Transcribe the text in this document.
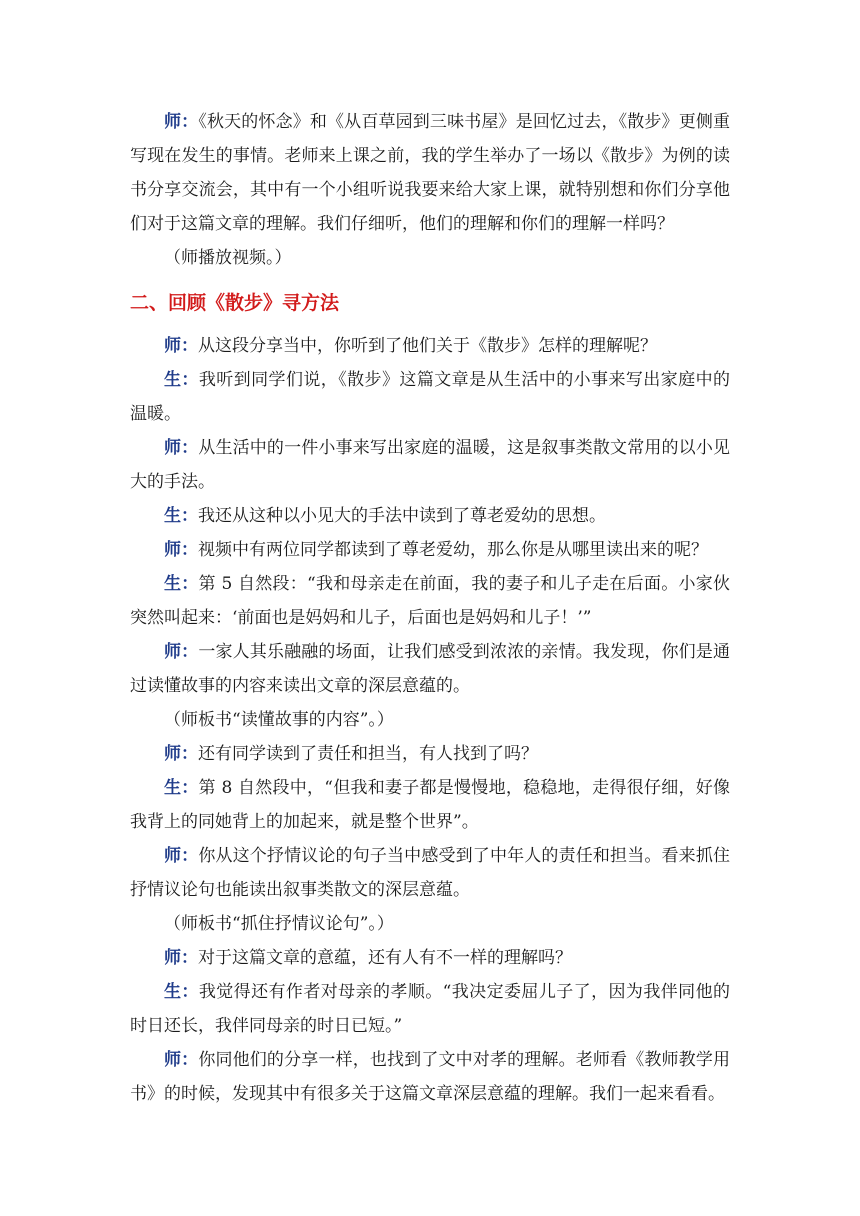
师：《秋天的怀念》和《从百草园到三味书屋》是回忆过去，《散步》更侧重写现在发生的事情。老师来上课之前，我的学生举办了一场以《散步》为例的读书分享交流会，其中有一个小组听说我要来给大家上课，就特别想和你们分享他们对于这篇文章的理解。我们仔细听，他们的理解和你们的理解一样吗？

（师播放视频。）

二、回顾《散步》寻方法

师：从这段分享当中，你听到了他们关于《散步》怎样的理解呢？

生：我听到同学们说，《散步》这篇文章是从生活中的小事来写出家庭中的温暖。

师：从生活中的一件小事来写出家庭的温暖，这是叙事类散文常用的以小见大的手法。

生：我还从这种以小见大的手法中读到了尊老爱幼的思想。

师：视频中有两位同学都读到了尊老爱幼，那么你是从哪里读出来的呢？

生：第 5 自然段：“我和母亲走在前面，我的妻子和儿子走在后面。小家伙突然叫起来：‘前面也是妈妈和儿子，后面也是妈妈和儿子！’”

师：一家人其乐融融的场面，让我们感受到浓浓的亲情。我发现，你们是通过读懂故事的内容来读出文章的深层意蕴的。

（师板书“读懂故事的内容”。）

师：还有同学读到了责任和担当，有人找到了吗？

生：第 8 自然段中，“但我和妻子都是慢慢地，稳稳地，走得很仔细，好像我背上的同她背上的加起来，就是整个世界”。

师：你从这个抒情议论的句子当中感受到了中年人的责任和担当。看来抓住抒情议论句也能读出叙事类散文的深层意蕴。

（师板书“抓住抒情议论句”。）

师：对于这篇文章的意蕴，还有人有不一样的理解吗？

生：我觉得还有作者对母亲的孝顺。“我决定委屈儿子了，因为我伴同他的时日还长，我伴同母亲的时日已短。”

师：你同他们的分享一样，也找到了文中对孝的理解。老师看《教师教学用书》的时候，发现其中有很多关于这篇文章深层意蕴的理解。我们一起来看看。
